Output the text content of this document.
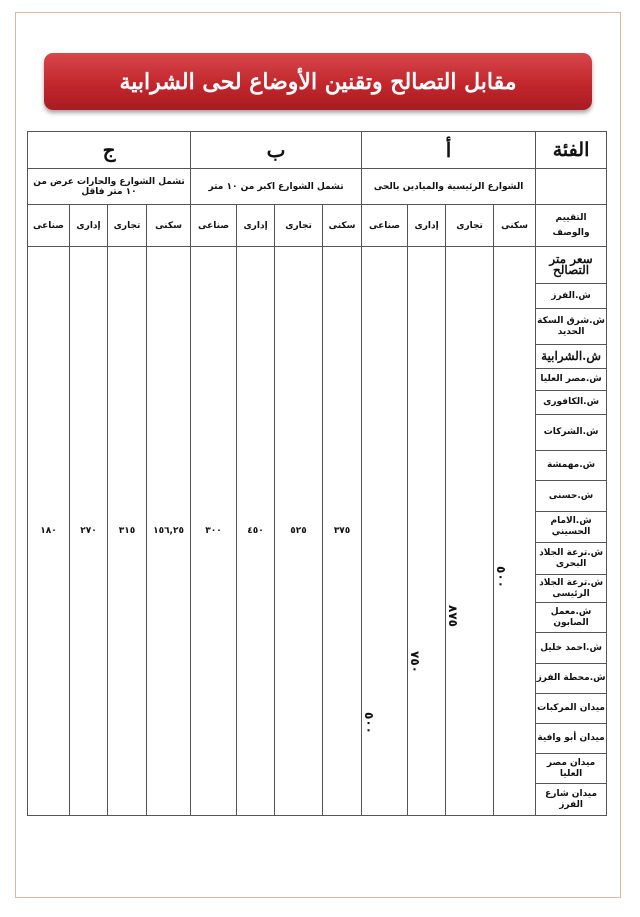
مقابل التصالح وتقنين الأوضاع لحى الشرابية
ج				ب				أ				الفئة
تشمل الشوارع والحارات عرض من ١٠ متر فاقل				تشمل الشوارع اكبر من ١٠ متر				الشوارع الرئيسية والميادين بالحى				
صناعى	إدارى	تجارى	سكنى	صناعى	إدارى	تجارى	سكنى	صناعى	إدارى	تجارى	سكنى	التقييم والوصف
١٨٠	٢٧٠	٣١٥	١٥٦,٢٥	٣٠٠	٤٥٠	٥٢٥	٣٧٥	٥٠٠	٧٥٠	٨٧٥	٥٠٠	سعر متر التصالح
												ش.الفرز
												ش.شرق السكة الحديد
												ش.الشرابية
												ش.مصر العليا
												ش.الكافورى
												ش.الشركات
												ش.مهمشة
												ش.حسنى
												ش.الامام الحسيني
												ش.ترعة الجلاد البحرى
												ش.ترعة الجلاد الرئيسى
												ش.معمل الصابون
												ش.احمد خليل
												ش.محطة الفرز
												ميدان المركبات
												ميدان أبو وافية
												ميدان مصر العليا
												ميدان شارع الفرز
